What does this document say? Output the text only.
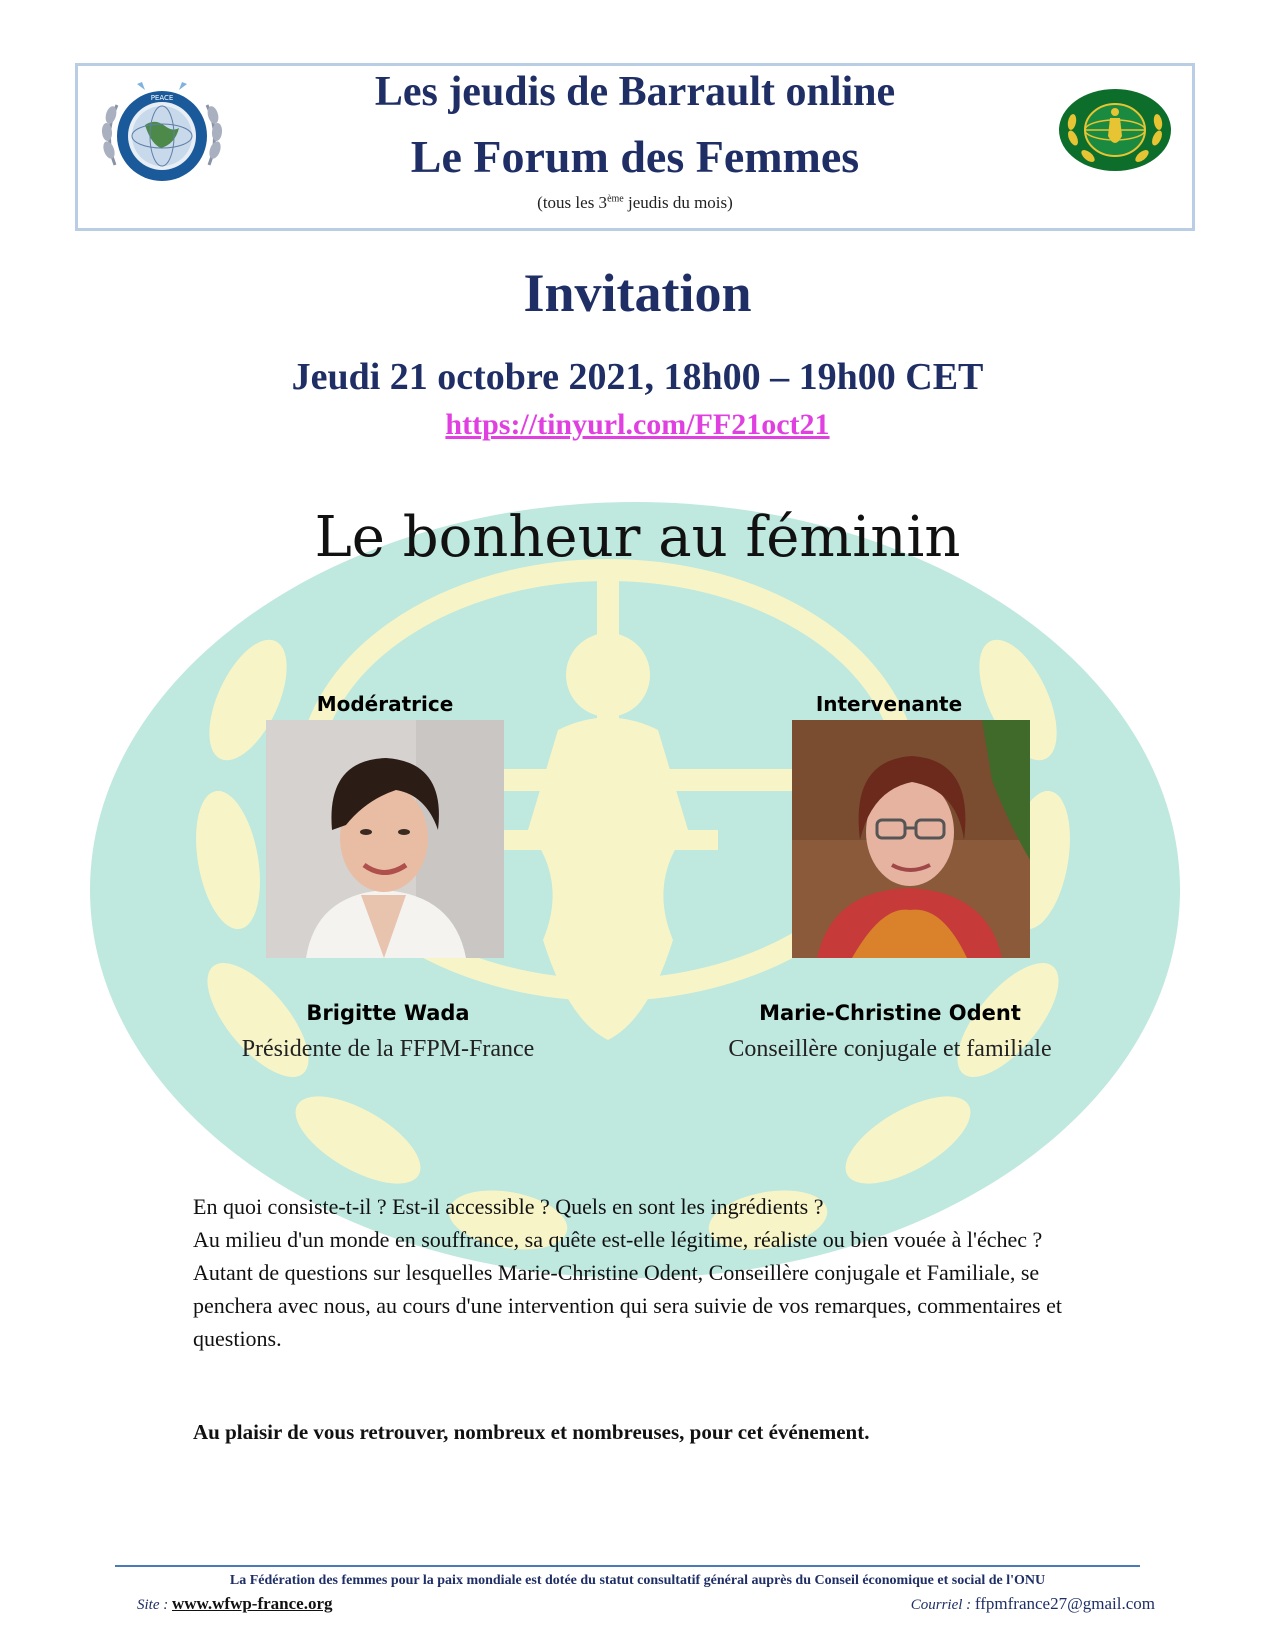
PEACE	Les jeudis de Barrault online
Le Forum des Femmes
(tous les 3ème jeudis du mois)
Invitation
Jeudi 21 octobre 2021, 18h00 – 19h00 CET
https://tinyurl.com/FF21oct21
Le bonheur au féminin
Modératrice
Brigitte Wada
Présidente de la FFPM-France
Intervenante
Marie-Christine Odent
Conseillère conjugale et familiale

En quoi consiste-t-il ? Est-il accessible ? Quels en sont les ingrédients ?

Au milieu d'un monde en souffrance, sa quête est-elle légitime, réaliste ou bien vouée à l'échec ?

Autant de questions sur lesquelles Marie-Christine Odent, Conseillère conjugale et Familiale, se penchera avec nous, au cours d'une intervention qui sera suivie de vos remarques, commentaires et questions.

Au plaisir de vous retrouver, nombreux et nombreuses, pour cet événement.
La Fédération des femmes pour la paix mondiale est dotée du statut consultatif général auprès du Conseil économique et social de l'ONU
Site : www.wfwp-france.org	Courriel : ffpmfrance27@gmail.com
